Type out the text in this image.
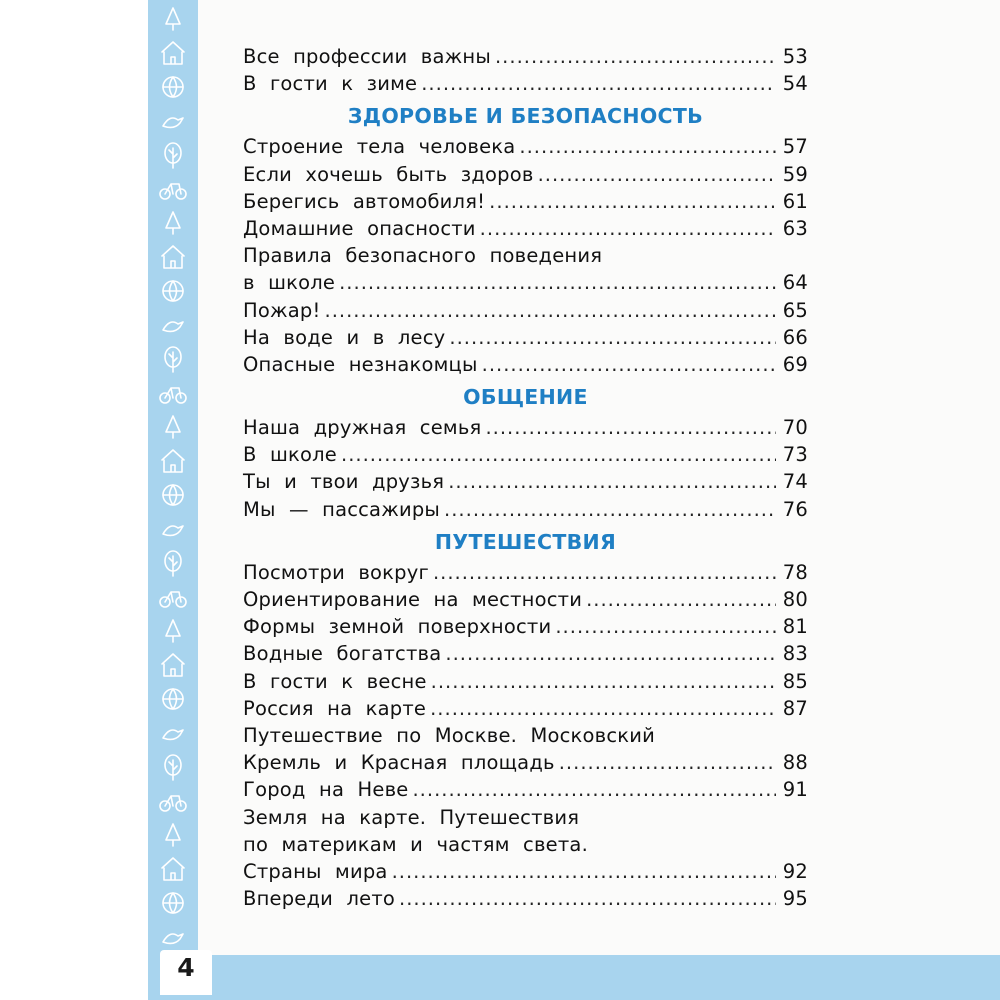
4
Все профессии важны .....	53
В гости к зиме .....	54
ЗДОРОВЬЕ И БЕЗОПАСНОСТЬ
Строение тела человека .....	57
Если хочешь быть здоров .....	59
Берегись автомобиля! .....	61
Домашние опасности .....	63
Правила безопасного поведения
в школе .....	64
Пожар! .....	65
На воде и в лесу .....	66
Опасные незнакомцы .....	69
ОБЩЕНИЕ
Наша дружная семья .....	70
В школе .....	73
Ты и твои друзья .....	74
Мы — пассажиры .....	76
ПУТЕШЕСТВИЯ
Посмотри вокруг .....	78
Ориентирование на местности .....	80
Формы земной поверхности .....	81
Водные богатства .....	83
В гости к весне .....	85
Россия на карте .....	87
Путешествие по Москве. Московский
Кремль и Красная площадь .....	88
Город на Неве .....	91
Земля на карте. Путешествия
по материкам и частям света.
Страны мира .....	92
Впереди лето .....	95
